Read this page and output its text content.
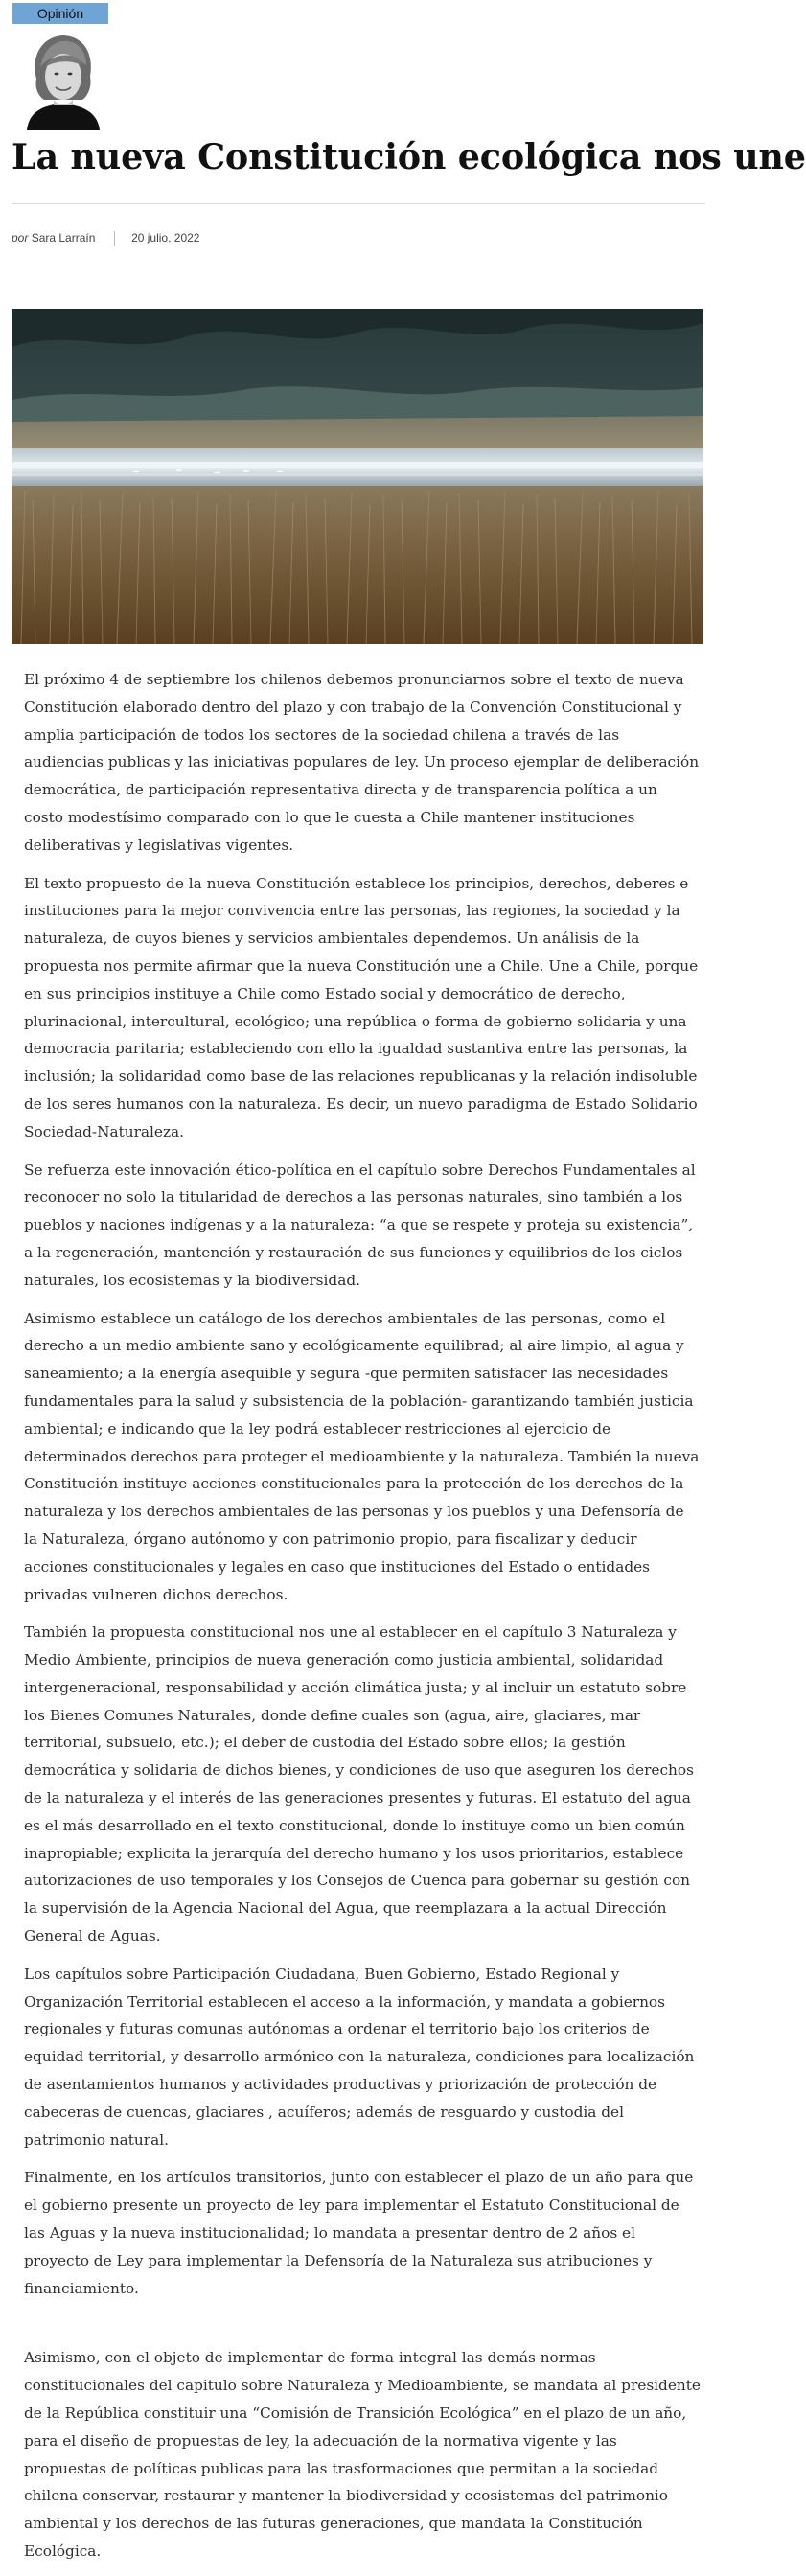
Opinión
La nueva Constitución ecológica nos une
por Sara Larraín	20 julio, 2022

El próximo 4 de septiembre los chilenos debemos pronunciarnos sobre el texto de nueva Constitución elaborado dentro del plazo y con trabajo de la Convención Constitucional y amplia participación de todos los sectores de la sociedad chilena a través de las audiencias publicas y las iniciativas populares de ley. Un proceso ejemplar de deliberación democrática, de participación representativa directa y de transparencia política a un costo modestísimo comparado con lo que le cuesta a Chile mantener instituciones deliberativas y legislativas vigentes.

El texto propuesto de la nueva Constitución establece los principios, derechos, deberes e instituciones para la mejor convivencia entre las personas, las regiones, la sociedad y la naturaleza, de cuyos bienes y servicios ambientales dependemos. Un análisis de la propuesta nos permite afirmar que la nueva Constitución une a Chile. Une a Chile, porque en sus principios instituye a Chile como Estado social y democrático de derecho, plurinacional, intercultural, ecológico; una república o forma de gobierno solidaria y una democracia paritaria; estableciendo con ello la igualdad sustantiva entre las personas, la inclusión; la solidaridad como base de las relaciones republicanas y la relación indisoluble de los seres humanos con la naturaleza. Es decir, un nuevo paradigma de Estado Solidario Sociedad-Naturaleza.

Se refuerza este innovación ético-política en el capítulo sobre Derechos Fundamentales al reconocer no solo la titularidad de derechos a las personas naturales, sino también a los pueblos y naciones indígenas y a la naturaleza: “a que se respete y proteja su existencia”, a la regeneración, mantención y restauración de sus funciones y equilibrios de los ciclos naturales, los ecosistemas y la biodiversidad.

Asimismo establece un catálogo de los derechos ambientales de las personas, como el derecho a un medio ambiente sano y ecológicamente equilibrad; al aire limpio, al agua y saneamiento; a la energía asequible y segura -que permiten satisfacer las necesidades fundamentales para la salud y subsistencia de la población- garantizando también justicia ambiental; e indicando que la ley podrá establecer restricciones al ejercicio de determinados derechos para proteger el medioambiente y la naturaleza. También la nueva Constitución instituye acciones constitucionales para la protección de los derechos de la naturaleza y los derechos ambientales de las personas y los pueblos y una Defensoría de la Naturaleza, órgano autónomo y con patrimonio propio, para fiscalizar y deducir acciones constitucionales y legales en caso que instituciones del Estado o entidades privadas vulneren dichos derechos.

También la propuesta constitucional nos une al establecer en el capítulo 3 Naturaleza y Medio Ambiente, principios de nueva generación como justicia ambiental, solidaridad intergeneracional, responsabilidad y acción climática justa; y al incluir un estatuto sobre los Bienes Comunes Naturales, donde define cuales son (agua, aire, glaciares, mar territorial, subsuelo, etc.); el deber de custodia del Estado sobre ellos; la gestión democrática y solidaria de dichos bienes, y condiciones de uso que aseguren los derechos de la naturaleza y el interés de las generaciones presentes y futuras. El estatuto del agua es el más desarrollado en el texto constitucional, donde lo instituye como un bien común inapropiable; explicita la jerarquía del derecho humano y los usos prioritarios, establece autorizaciones de uso temporales y los Consejos de Cuenca para gobernar su gestión con la supervisión de la Agencia Nacional del Agua, que reemplazara a la actual Dirección General de Aguas.

Los capítulos sobre Participación Ciudadana, Buen Gobierno, Estado Regional y Organización Territorial establecen el acceso a la información, y mandata a gobiernos regionales y futuras comunas autónomas a ordenar el territorio bajo los criterios de equidad territorial, y desarrollo armónico con la naturaleza, condiciones para localización de asentamientos humanos y actividades productivas y priorización de protección de cabeceras de cuencas, glaciares , acuíferos; además de resguardo y custodia del patrimonio natural.

Finalmente, en los artículos transitorios, junto con establecer el plazo de un año para que el gobierno presente un proyecto de ley para implementar el Estatuto Constitucional de las Aguas y la nueva institucionalidad; lo mandata a presentar dentro de 2 años el proyecto de Ley para implementar la Defensoría de la Naturaleza sus atribuciones y financiamiento.

Asimismo, con el objeto de implementar de forma integral las demás normas constitucionales del capitulo sobre Naturaleza y Medioambiente, se mandata al presidente de la República constituir una “Comisión de Transición Ecológica” en el plazo de un año, para el diseño de propuestas de ley, la adecuación de la normativa vigente y las propuestas de políticas publicas para las trasformaciones que permitan a la sociedad chilena conservar, restaurar y mantener la biodiversidad y ecosistemas del patrimonio ambiental y los derechos de las futuras generaciones, que mandata la Constitución Ecológica.
